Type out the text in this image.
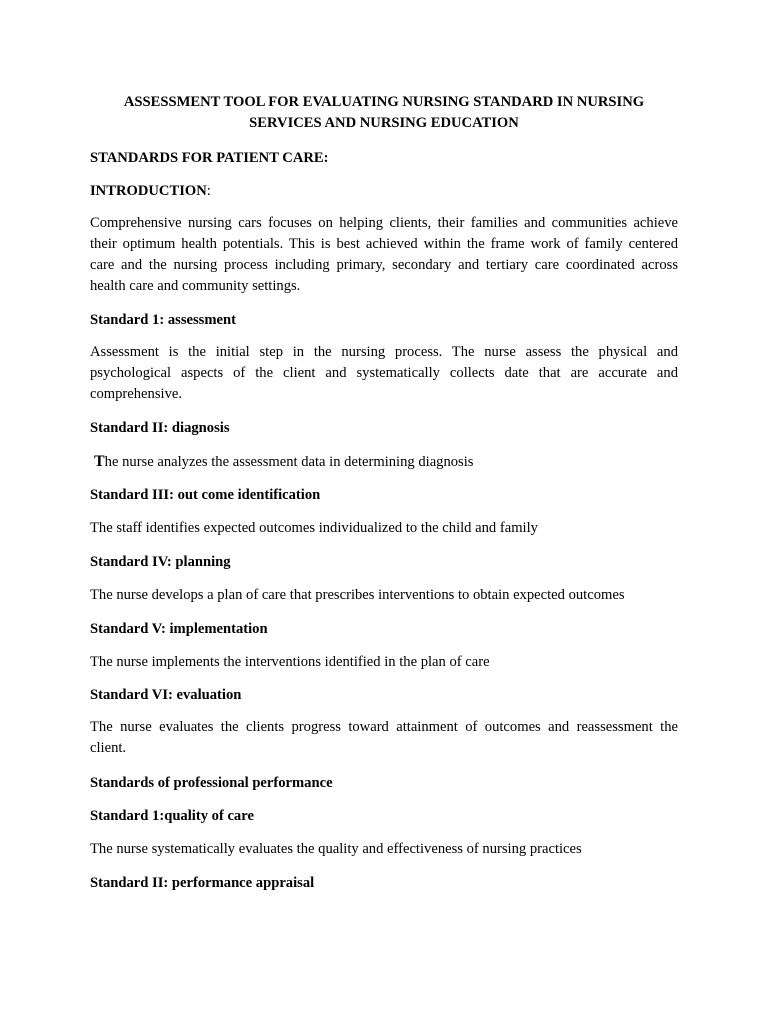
ASSESSMENT TOOL FOR EVALUATING NURSING STANDARD IN NURSING
SERVICES AND NURSING EDUCATION
STANDARDS FOR PATIENT CARE:
INTRODUCTION:
Comprehensive nursing cars focuses on helping clients, their families and communities achieve
their optimum health potentials. This is best achieved within the frame work of family centered
care and the nursing process including primary, secondary and tertiary care coordinated across
health care and community settings.
Standard 1: assessment
Assessment is the initial step in the nursing process. The nurse assess the physical and
psychological aspects of the client and systematically collects date that are accurate and
comprehensive.
Standard II: diagnosis
The nurse analyzes the assessment data in determining diagnosis
Standard III: out come identification
The staff identifies expected outcomes individualized to the child and family
Standard IV: planning
The nurse develops a plan of care that prescribes interventions to obtain expected outcomes
Standard V: implementation
The nurse implements the interventions identified in the plan of care
Standard VI: evaluation
The nurse evaluates the clients progress toward attainment of outcomes and reassessment the
client.
Standards of professional performance
Standard 1:quality of care
The nurse systematically evaluates the quality and effectiveness of nursing practices
Standard II: performance appraisal
